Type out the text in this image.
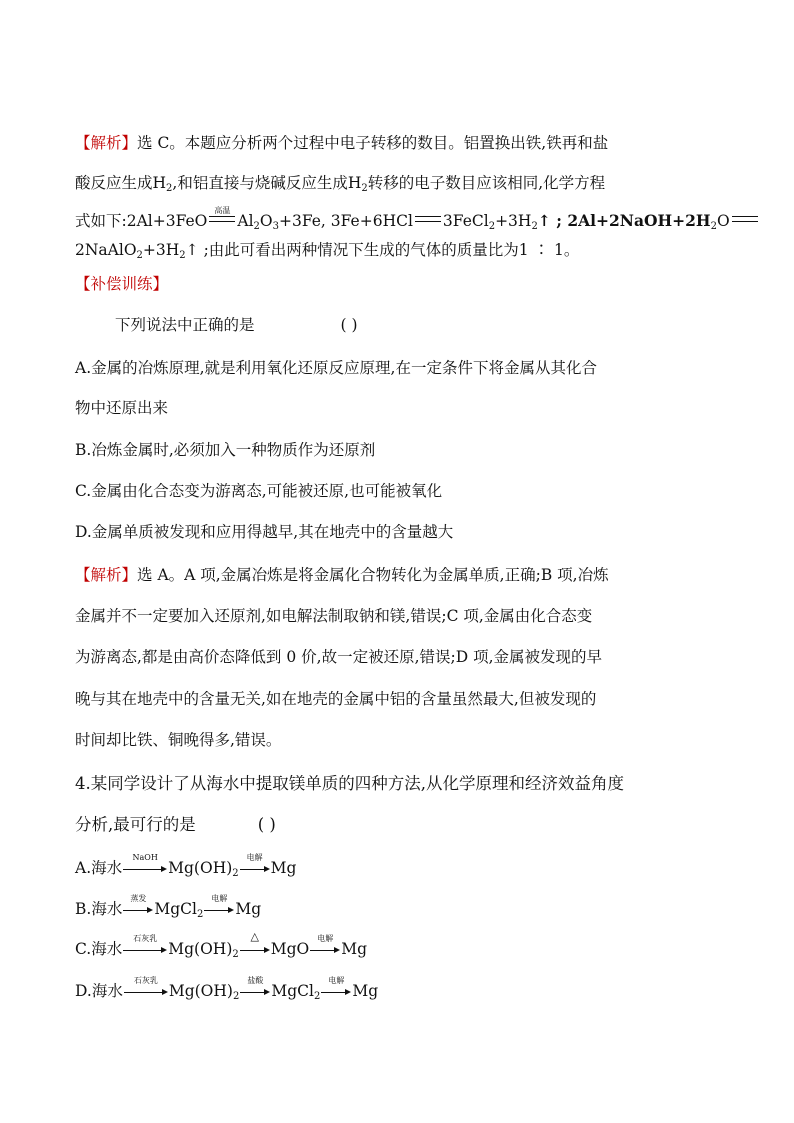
【解析】选 C。本题应分析两个过程中电子转移的数目。铝置换出铁,铁再和盐
酸反应生成$H_2$,和铝直接与烧碱反应生成$H_2$转移的电子数目应该相同,化学方程
式如下:2Al+3FeO
高温
$Al_2O_3+3Fe$, 3Fe+6HCl $3FeCl_2+3H_2↑$ ; $2Al+2NaOH+2H_2O$
$2NaAlO_2+3H_2↑$ ;由此可看出两种情况下生成的气体的质量比为1 ∶ 1。
【补偿训练】
下列说法中正确的是	( )
A.金属的冶炼原理,就是利用氧化还原反应原理,在一定条件下将金属从其化合
物中还原出来
B.冶炼金属时,必须加入一种物质作为还原剂
C.金属由化合态变为游离态,可能被还原,也可能被氧化
D.金属单质被发现和应用得越早,其在地壳中的含量越大
【解析】选 A。A 项,金属冶炼是将金属化合物转化为金属单质,正确;B 项,冶炼
金属并不一定要加入还原剂,如电解法制取钠和镁,错误;C 项,金属由化合态变
为游离态,都是由高价态降低到 0 价,故一定被还原,错误;D 项,金属被发现的早
晚与其在地壳中的含量无关,如在地壳的金属中铝的含量虽然最大,但被发现的
时间却比铁、铜晚得多,错误。
4.某同学设计了从海水中提取镁单质的四种方法,从化学原理和经济效益角度
分析,最可行的是	( )
A.海水
NaOH
$Mg(OH)_2$
电解
Mg
B.海水
蒸发
MgCl$_2$
电解
Mg
C.海水
石灰乳
$Mg(OH)_2$
△
MgO
电解
Mg
D.海水
石灰乳
$Mg(OH)_2$
盐酸
MgCl$_2$
电解
Mg
